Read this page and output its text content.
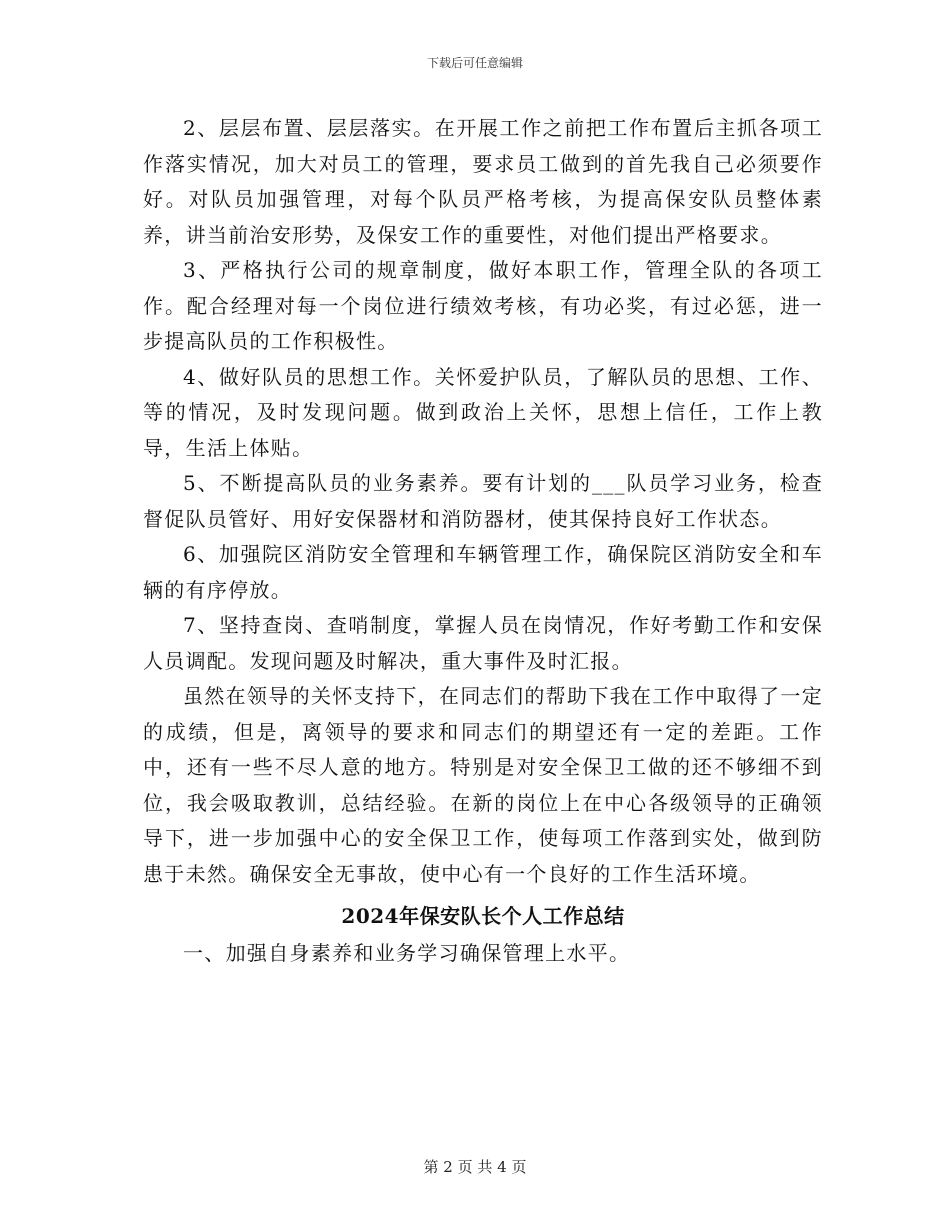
下载后可任意编辑

2、层层布置、层层落实。在开展工作之前把工作布置后主抓各项工作落实情况，加大对员工的管理，要求员工做到的首先我自己必须要作好。对队员加强管理，对每个队员严格考核，为提高保安队员整体素养，讲当前治安形势，及保安工作的重要性，对他们提出严格要求。

3、严格执行公司的规章制度，做好本职工作，管理全队的各项工作。配合经理对每一个岗位进行绩效考核，有功必奖，有过必惩，进一步提高队员的工作积极性。

4、做好队员的思想工作。关怀爱护队员，了解队员的思想、工作、等的情况，及时发现问题。做到政治上关怀，思想上信任，工作上教导，生活上体贴。

5、不断提高队员的业务素养。要有计划的___队员学习业务，检查督促队员管好、用好安保器材和消防器材，使其保持良好工作状态。

6、加强院区消防安全管理和车辆管理工作，确保院区消防安全和车辆的有序停放。

7、坚持查岗、查哨制度，掌握人员在岗情况，作好考勤工作和安保人员调配。发现问题及时解决，重大事件及时汇报。

虽然在领导的关怀支持下，在同志们的帮助下我在工作中取得了一定的成绩，但是，离领导的要求和同志们的期望还有一定的差距。工作中，还有一些不尽人意的地方。特别是对安全保卫工做的还不够细不到位，我会吸取教训，总结经验。在新的岗位上在中心各级领导的正确领导下，进一步加强中心的安全保卫工作，使每项工作落到实处，做到防患于未然。确保安全无事故，使中心有一个良好的工作生活环境。

2024年保安队长个人工作总结

一、加强自身素养和业务学习确保管理上水平。

第 2 页 共 4 页
